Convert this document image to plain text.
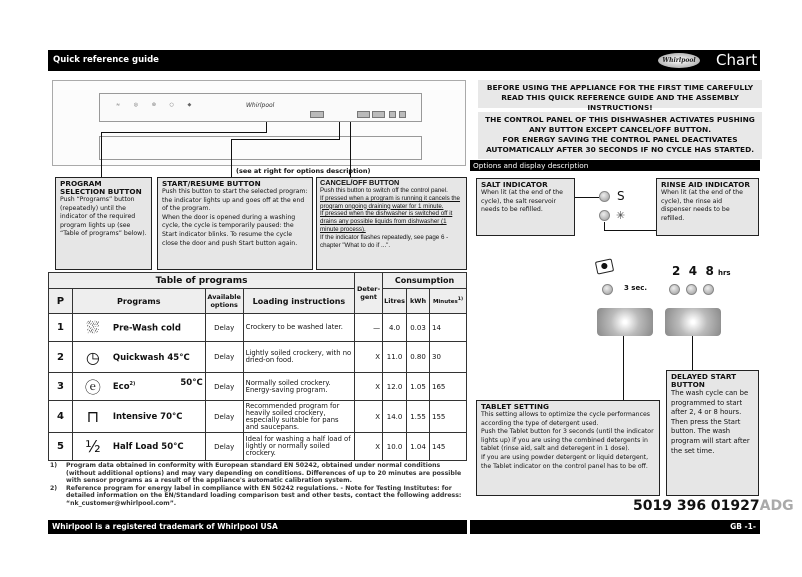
Quick reference guide	Whirlpool Chart
≈ ◎ ⊜ ○ ◆	Whirlpool
(see at right for options description)
PROGRAM SELECTION BUTTON
Push “Programs” button (repeatedly) until the indicator of the required program lights up (see “Table of programs” below).
START/RESUME BUTTON
Push this button to start the selected program: the indicator lights up and goes off at the end of the program.
When the door is opened during a washing cycle, the cycle is temporarily paused: the Start indicator blinks. To resume the cycle close the door and push Start button again.
CANCEL/OFF BUTTON
Push this button to switch off the control panel.
If pressed when a program is running it cancels the program ongoing draining water for 1 minute.
If pressed when the dishwasher is switched off it drains any possible liquids from dishwasher (1 minute process).
If the indicator flashes repeatedly, see page 6 - chapter "What to do if ...".
Table of programs				Deter-gent	Consumption		
P	Programs	Available options	Loading instructions		Litres	kWh	Minutes$^{1)}$
1	⛆ Pre-Wash cold	Delay	Crockery to be washed later.	—	4.0	0.03	14
2	◷ Quickwash 45°C	Delay	Lightly soiled crockery, with no dried-on food.	X	11.0	0.80	30
3	ⓔ Eco$^{2)}$ 50°C	Delay	Normally soiled crockery. Energy-saving program.	X	12.0	1.05	165
4	⊓ Intensive 70°C	Delay	Recommended program for heavily soiled crockery, especially suitable for pans and saucepans.	X	14.0	1.55	155
5	½ Half Load 50°C	Delay	Ideal for washing a half load of lightly or normally soiled crockery.	X	10.0	1.04	145
1)	Program data obtained in conformity with European standard EN 50242, obtained under normal conditions (without additional options) and may vary depending on conditions. Differences of up to 20 minutes are possible with sensor programs as a result of the appliance's automatic calibration system.
2)	Reference program for energy label in compliance with EN 50242 regulations. - Note for Testing Institutes: for detailed information on the EN/Standard loading comparison test and other tests, contact the following address: “nk_customer@whirlpool.com”.
Whirlpool is a registered trademark of Whirlpool USA	GB -1-
5019 396 01927ADG
BEFORE USING THE APPLIANCE FOR THE FIRST TIME CAREFULLY READ THIS QUICK REFERENCE GUIDE AND THE ASSEMBLY INSTRUCTIONS!
THE CONTROL PANEL OF THIS DISHWASHER ACTIVATES PUSHING ANY BUTTON EXCEPT CANCEL/OFF BUTTON.
FOR ENERGY SAVING THE CONTROL PANEL DEACTIVATES AUTOMATICALLY AFTER 30 SECONDS IF NO CYCLE HAS STARTED.
Options and display description
SALT INDICATOR
When lit (at the end of the cycle), the salt reservoir needs to be refilled.
S
✳
RINSE AID INDICATOR
When lit (at the end of the cycle), the rinse aid dispenser needs to be refilled.
●
3 sec.
2 4 8 hrs
TABLET SETTING
This setting allows to optimize the cycle performances according the type of detergent used.
Push the Tablet button for 3 seconds (until the indicator lights up) if you are using the combined detergents in tablet (rinse aid, salt and deteregent in 1 dose).
If you are using powder detergent or liquid detergent, the Tablet indicator on the control panel has to be off.
DELAYED START BUTTON
The wash cycle can be programmed to start after 2, 4 or 8 hours. Then press the Start button. The wash program will start after the set time.
